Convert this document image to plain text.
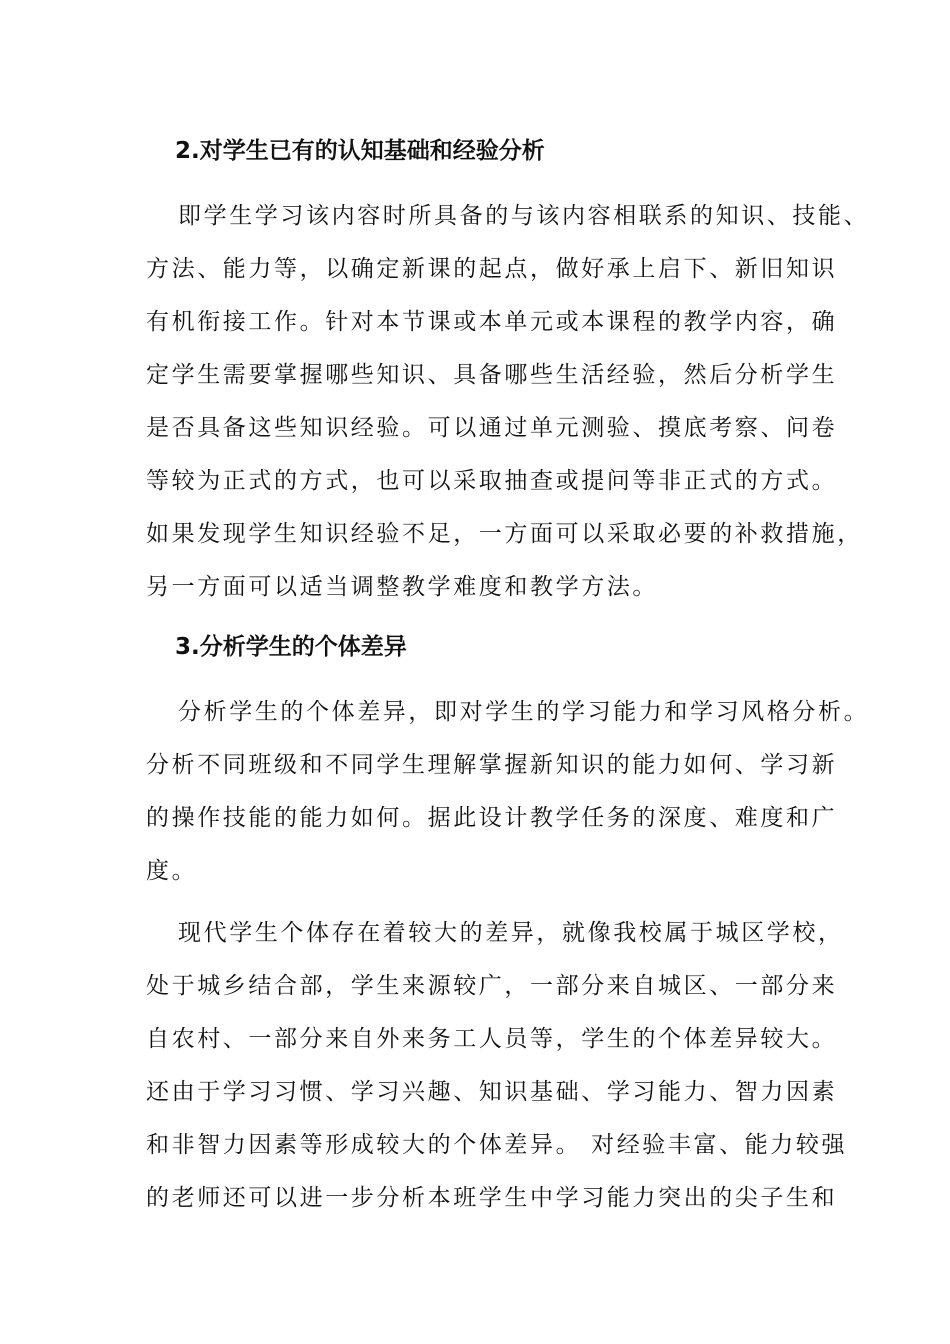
2.对学生已有的认知基础和经验分析
即学生学习该内容时所具备的与该内容相联系的知识、技能、
方法、能力等，以确定新课的起点，做好承上启下、新旧知识
有机衔接工作。针对本节课或本单元或本课程的教学内容，确
定学生需要掌握哪些知识、具备哪些生活经验，然后分析学生
是否具备这些知识经验。可以通过单元测验、摸底考察、问卷
等较为正式的方式，也可以采取抽查或提问等非正式的方式。
如果发现学生知识经验不足，一方面可以采取必要的补救措施，
另一方面可以适当调整教学难度和教学方法。
3.分析学生的个体差异
分析学生的个体差异，即对学生的学习能力和学习风格分析。
分析不同班级和不同学生理解掌握新知识的能力如何、学习新
的操作技能的能力如何。据此设计教学任务的深度、难度和广
度。
现代学生个体存在着较大的差异，就像我校属于城区学校，
处于城乡结合部，学生来源较广，一部分来自城区、一部分来
自农村、一部分来自外来务工人员等，学生的个体差异较大。
还由于学习习惯、学习兴趣、知识基础、学习能力、智力因素
和非智力因素等形成较大的个体差异。 对经验丰富、能力较强
的老师还可以进一步分析本班学生中学习能力突出的尖子生和
